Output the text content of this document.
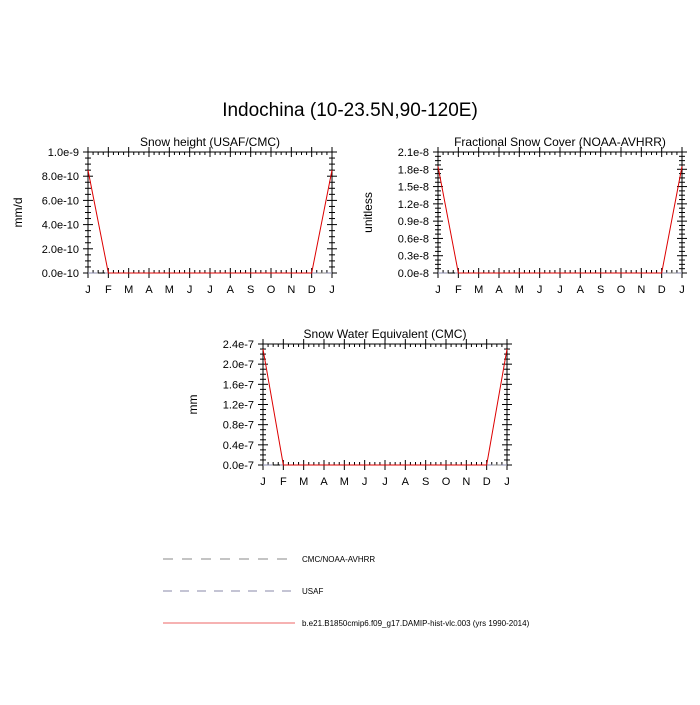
Indochina (10-23.5N,90-120E)
Snow height (USAF/CMC)
mm/d
J F M A M J J A S O N D J
0.0e-10
2.0e-10
4.0e-10
6.0e-10
8.0e-10
1.0e-9
Fractional Snow Cover (NOAA-AVHRR)
unitless
J F M A M J J A S O N D J
0.0e-8
0.3e-8
0.6e-8
0.9e-8
1.2e-8
1.5e-8
1.8e-8
2.1e-8
Snow Water Equivalent (CMC)
mm
J F M A M J J A S O N D J
0.0e-7
0.4e-7
0.8e-7
1.2e-7
1.6e-7
2.0e-7
2.4e-7
CMC/NOAA-AVHRR
USAF
b.e21.B1850cmip6.f09_g17.DAMIP-hist-vlc.003 (yrs 1990-2014)
